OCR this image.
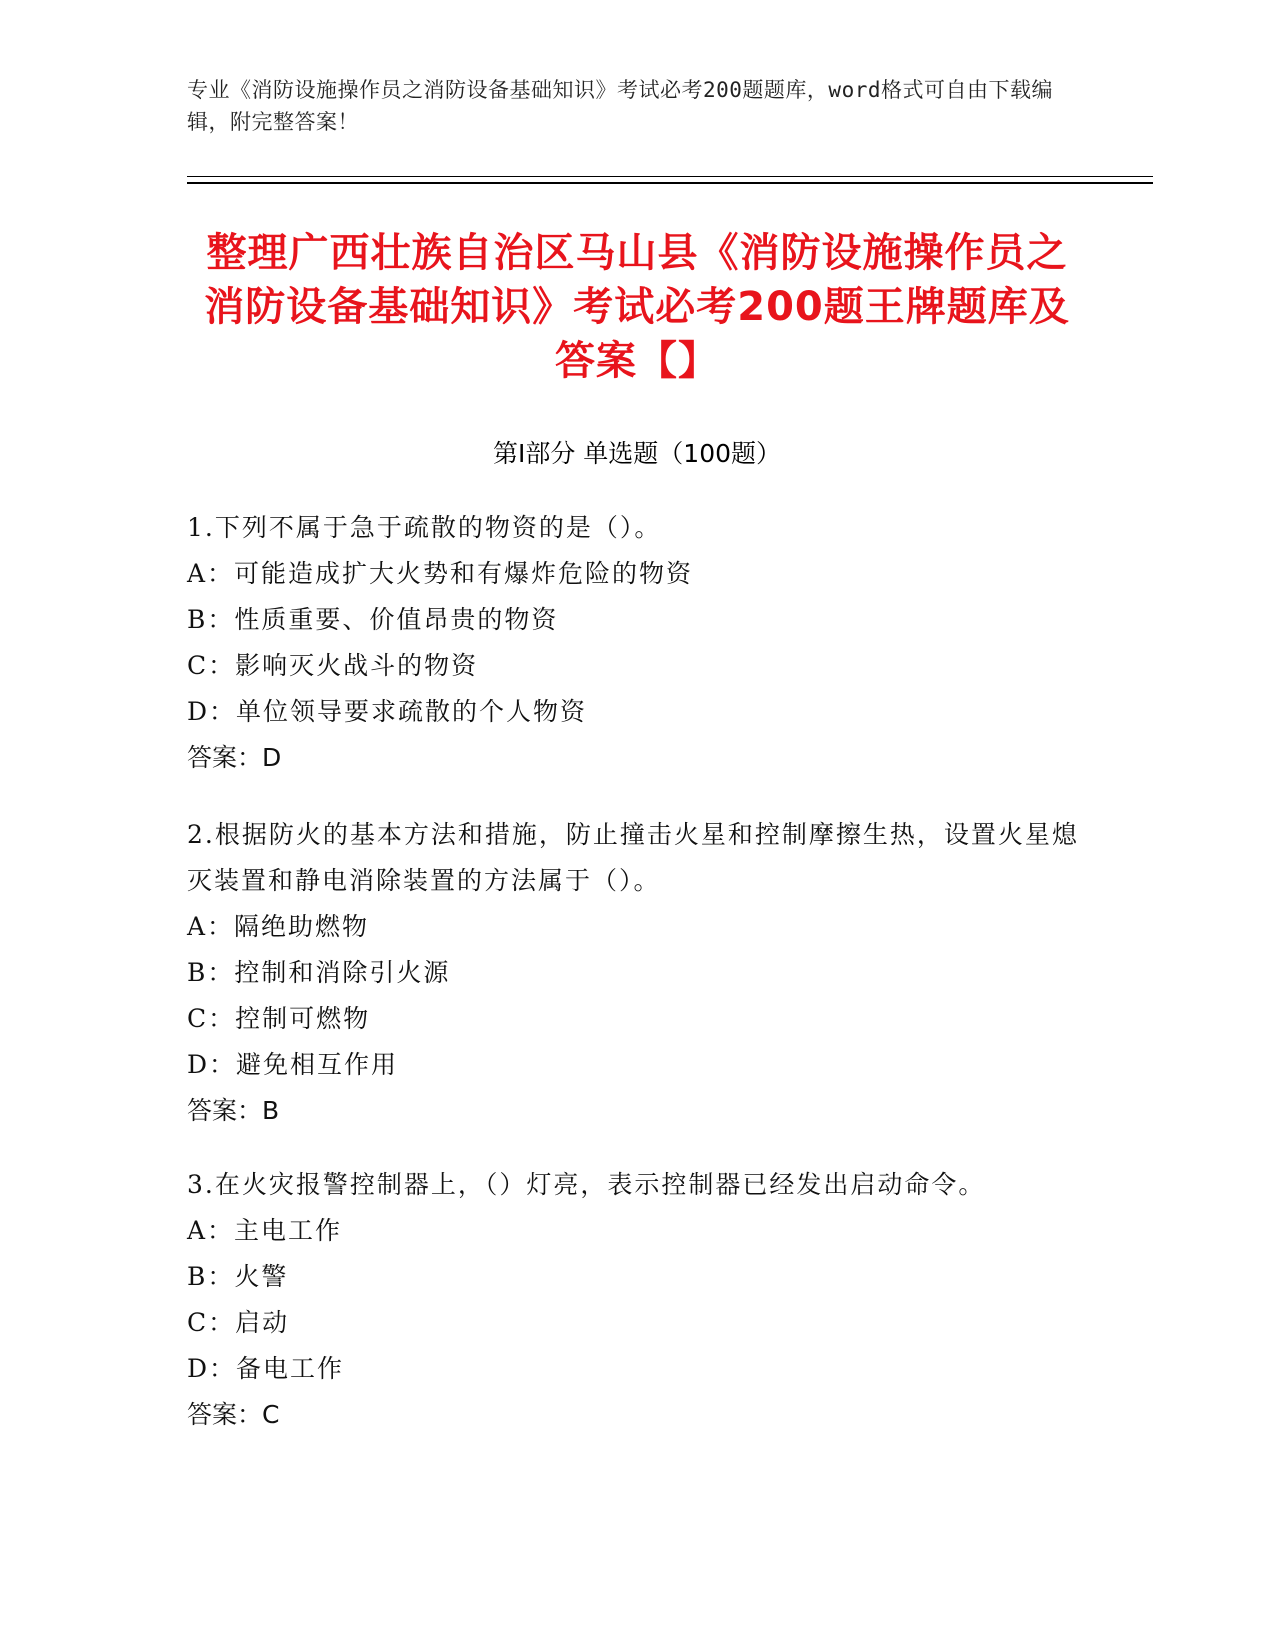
专业《消防设施操作员之消防设备基础知识》考试必考200题题库，word格式可自由下载编辑，附完整答案！
整理广西壮族自治区马山县《消防设施操作员之消防设备基础知识》考试必考200题王牌题库及答案【】
第I部分 单选题（100题）
1.下列不属于急于疏散的物资的是（）。
A：可能造成扩大火势和有爆炸危险的物资
B：性质重要、价值昂贵的物资
C：影响灭火战斗的物资
D：单位领导要求疏散的个人物资
答案：D
2.根据防火的基本方法和措施，防止撞击火星和控制摩擦生热，设置火星熄灭装置和静电消除装置的方法属于（）。
A：隔绝助燃物
B：控制和消除引火源
C：控制可燃物
D：避免相互作用
答案：B
3.在火灾报警控制器上，（）灯亮，表示控制器已经发出启动命令。
A：主电工作
B：火警
C：启动
D：备电工作
答案：C
